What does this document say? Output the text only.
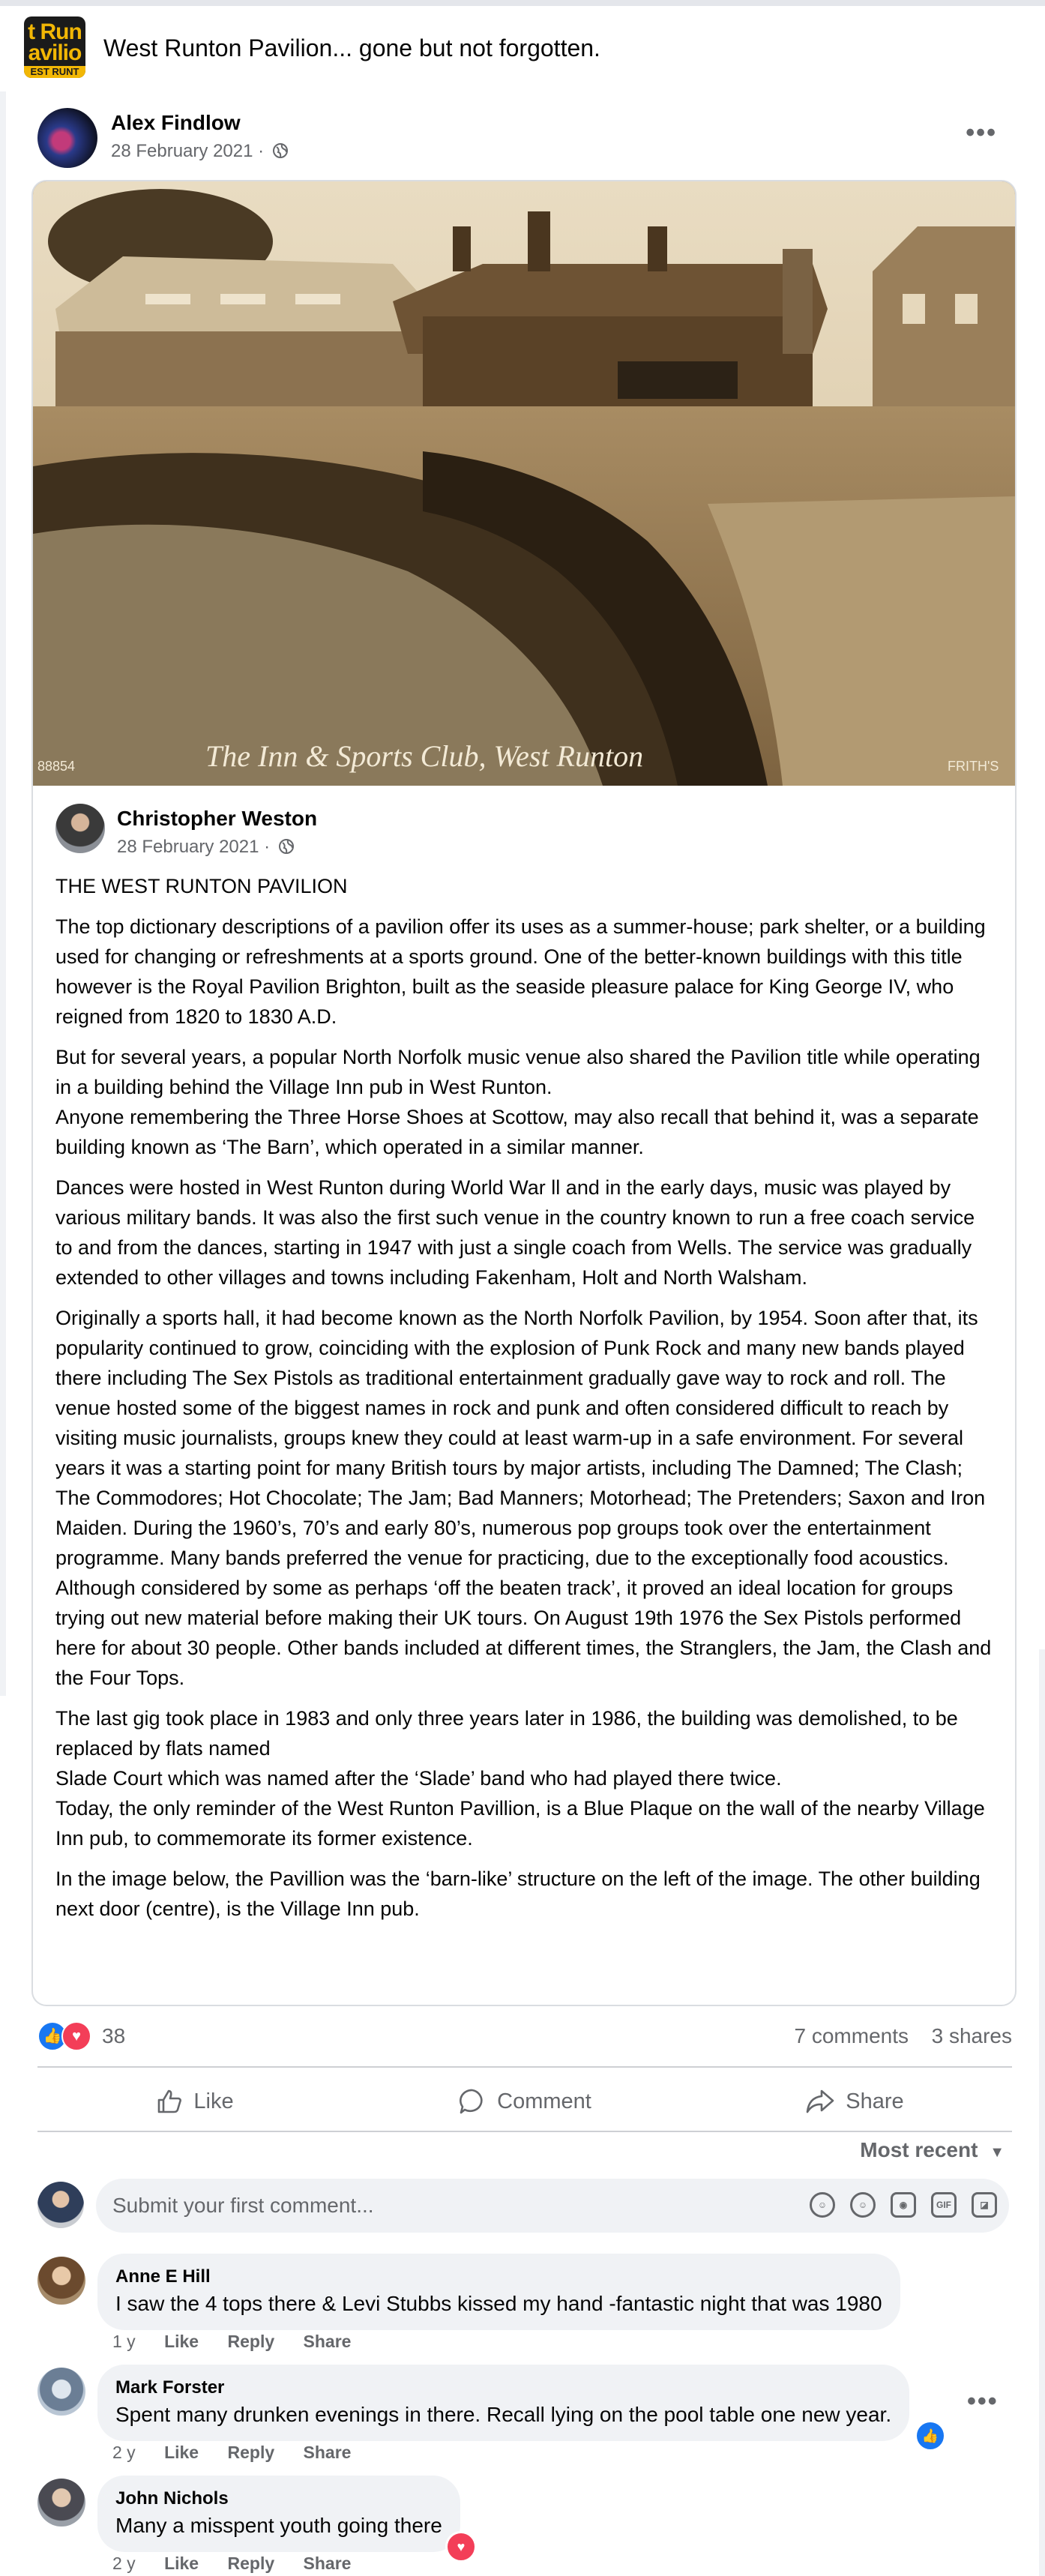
t Run
avilio
EST RUNT
West Runton Pavilion... gone but not forgotten.
Alex Findlow
28 February 2021 ·
•••
The Inn & Sports Club, West Runton
88854	FRITH'S
Christopher Weston
28 February 2021 ·

THE WEST RUNTON PAVILION

The top dictionary descriptions of a pavilion offer its uses as a summer-house; park shelter, or a building used for changing or refreshments at a sports ground. One of the better-known buildings with this title however is the Royal Pavilion Brighton, built as the seaside pleasure palace for King George IV, who reigned from 1820 to 1830 A.D.

But for several years, a popular North Norfolk music venue also shared the Pavilion title while operating in a building behind the Village Inn pub in West Runton.
Anyone remembering the Three Horse Shoes at Scottow, may also recall that behind it, was a separate building known as ‘The Barn’, which operated in a similar manner.

Dances were hosted in West Runton during World War ll and in the early days, music was played by various military bands. It was also the first such venue in the country known to run a free coach service to and from the dances, starting in 1947 with just a single coach from Wells. The service was gradually extended to other villages and towns including Fakenham, Holt and North Walsham.

Originally a sports hall, it had become known as the North Norfolk Pavilion, by 1954. Soon after that, its popularity continued to grow, coinciding with the explosion of Punk Rock and many new bands played there including The Sex Pistols as traditional entertainment gradually gave way to rock and roll. The venue hosted some of the biggest names in rock and punk and often considered difficult to reach by visiting music journalists, groups knew they could at least warm-up in a safe environment. For several years it was a starting point for many British tours by major artists, including The Damned; The Clash; The Commodores; Hot Chocolate; The Jam; Bad Manners; Motorhead; The Pretenders; Saxon and Iron Maiden. During the 1960’s, 70’s and early 80’s, numerous pop groups took over the entertainment programme. Many bands preferred the venue for practicing, due to the exceptionally food acoustics. Although considered by some as perhaps ‘off the beaten track’, it proved an ideal location for groups trying out new material before making their UK tours. On August 19th 1976 the Sex Pistols performed here for about 30 people. Other bands included at different times, the Stranglers, the Jam, the Clash and the Four Tops.

The last gig took place in 1983 and only three years later in 1986, the building was demolished, to be replaced by flats named
Slade Court which was named after the ‘Slade’ band who had played there twice.
Today, the only reminder of the West Runton Pavillion, is a Blue Plaque on the wall of the nearby Village Inn pub, to commemorate its former existence.

In the image below, the Pavillion was the ‘barn-like’ structure on the left of the image. The other building next door (centre), is the Village Inn pub.

👍 ♥	38	7 comments 3 shares
Like	Comment	Share
Most recent ▼
Submit your first comment...	☺	☺	◉	GIF	◪
Anne E Hill
I saw the 4 tops there & Levi Stubbs kissed my hand -fantastic night that was 1980
1 y Like Reply Share
Mark Forster
Spent many drunken evenings in there. Recall lying on the pool table one new year.
👍
•••
2 y Like Reply Share
John Nichols
Many a misspent youth going there
♥
2 y Like Reply Share
